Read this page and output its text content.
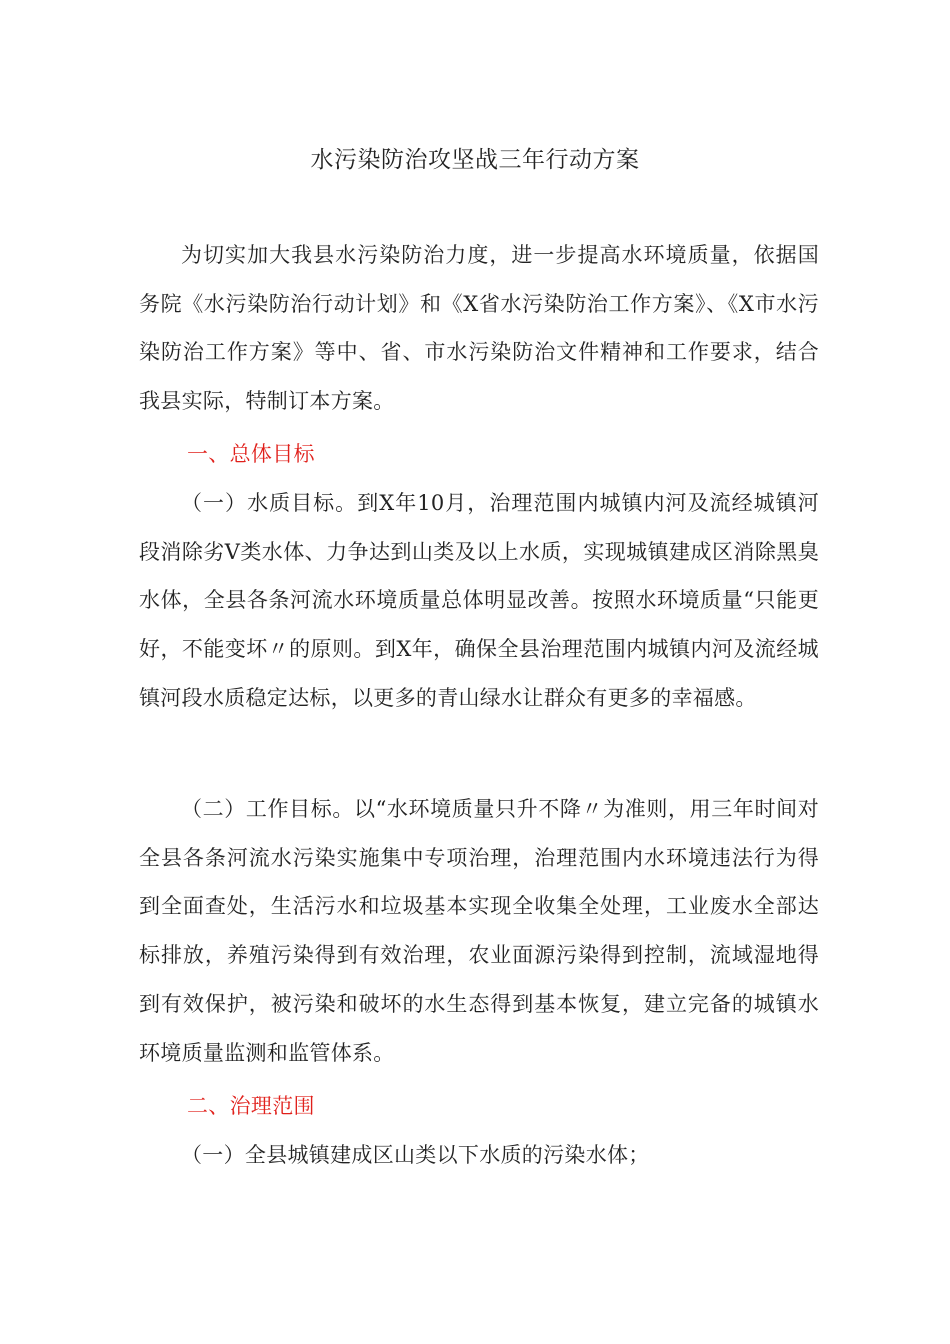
水污染防治攻坚战三年行动方案

为切实加大我县水污染防治力度，进一步提高水环境质量，依据国务院《水污染防治行动计划》和《X省水污染防治工作方案》、《X市水污染防治工作方案》等中、省、市水污染防治文件精神和工作要求，结合我县实际，特制订本方案。

一、总体目标

（一）水质目标。到X年10月，治理范围内城镇内河及流经城镇河段消除劣V类水体、力争达到山类及以上水质，实现城镇建成区消除黑臭水体，全县各条河流水环境质量总体明显改善。按照水环境质量“只能更好，不能变坏〃的原则。到X年，确保全县治理范围内城镇内河及流经城镇河段水质稳定达标，以更多的青山绿水让群众有更多的幸福感。

（二）工作目标。以“水环境质量只升不降〃为准则，用三年时间对全县各条河流水污染实施集中专项治理，治理范围内水环境违法行为得到全面查处，生活污水和垃圾基本实现全收集全处理，工业废水全部达标排放，养殖污染得到有效治理，农业面源污染得到控制，流域湿地得到有效保护，被污染和破坏的水生态得到基本恢复，建立完备的城镇水环境质量监测和监管体系。

二、治理范围

（一）全县城镇建成区山类以下水质的污染水体；
